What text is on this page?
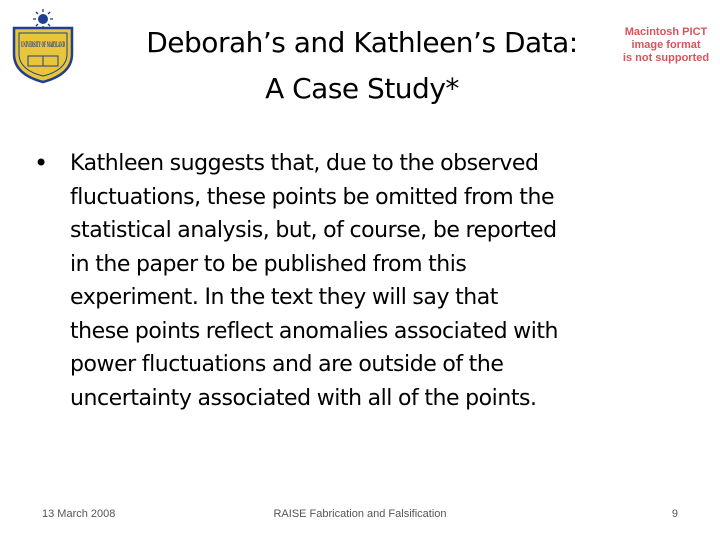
UNIVERSITY OF MARYLAND
Macintosh PICT
image format
is not supported
Deborah’s and Kathleen’s Data:
A Case Study*
• Kathleen suggests that, due to the observed
fluctuations, these points be omitted from the
statistical analysis, but, of course, be reported
in the paper to be published from this
experiment. In the text they will say that
these points reflect anomalies associated with
power fluctuations and are outside of the
uncertainty associated with all of the points.

13 March 2008	RAISE Fabrication and Falsification	9
